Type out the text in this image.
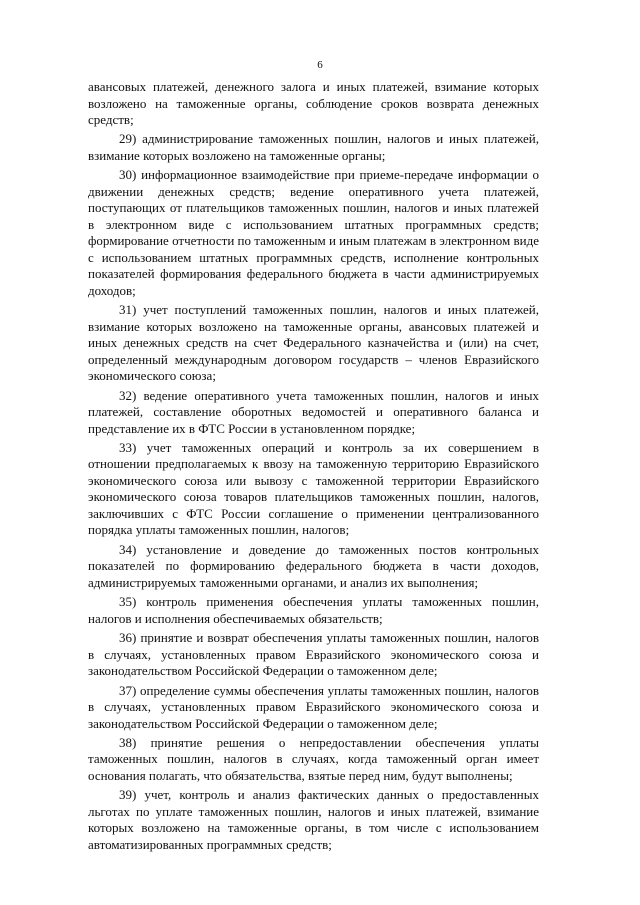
6

авансовых платежей, денежного залога и иных платежей, взимание которых возложено на таможенные органы, соблюдение сроков возврата денежных средств;

29) администрирование таможенных пошлин, налогов и иных платежей, взимание которых возложено на таможенные органы;

30) информационное взаимодействие при приеме-передаче информации о движении денежных средств; ведение оперативного учета платежей, поступающих от плательщиков таможенных пошлин, налогов и иных платежей в электронном виде с использованием штатных программных средств; формирование отчетности по таможенным и иным платежам в электронном виде с использованием штатных программных средств, исполнение контрольных показателей формирования федерального бюджета в части администрируемых доходов;

31) учет поступлений таможенных пошлин, налогов и иных платежей, взимание которых возложено на таможенные органы, авансовых платежей и иных денежных средств на счет Федерального казначейства и (или) на счет, определенный международным договором государств – членов Евразийского экономического союза;

32) ведение оперативного учета таможенных пошлин, налогов и иных платежей, составление оборотных ведомостей и оперативного баланса и представление их в ФТС России в установленном порядке;

33) учет таможенных операций и контроль за их совершением в отношении предполагаемых к ввозу на таможенную территорию Евразийского экономического союза или вывозу с таможенной территории Евразийского экономического союза товаров плательщиков таможенных пошлин, налогов, заключивших с ФТС России соглашение о применении централизованного порядка уплаты таможенных пошлин, налогов;

34) установление и доведение до таможенных постов контрольных показателей по формированию федерального бюджета в части доходов, администрируемых таможенными органами, и анализ их выполнения;

35) контроль применения обеспечения уплаты таможенных пошлин, налогов и исполнения обеспечиваемых обязательств;

36) принятие и возврат обеспечения уплаты таможенных пошлин, налогов в случаях, установленных правом Евразийского экономического союза и законодательством Российской Федерации о таможенном деле;

37) определение суммы обеспечения уплаты таможенных пошлин, налогов в случаях, установленных правом Евразийского экономического союза и законодательством Российской Федерации о таможенном деле;

38) принятие решения о непредоставлении обеспечения уплаты таможенных пошлин, налогов в случаях, когда таможенный орган имеет основания полагать, что обязательства, взятые перед ним, будут выполнены;

39) учет, контроль и анализ фактических данных о предоставленных льготах по уплате таможенных пошлин, налогов и иных платежей, взимание которых возложено на таможенные органы, в том числе с использованием автоматизированных программных средств;
